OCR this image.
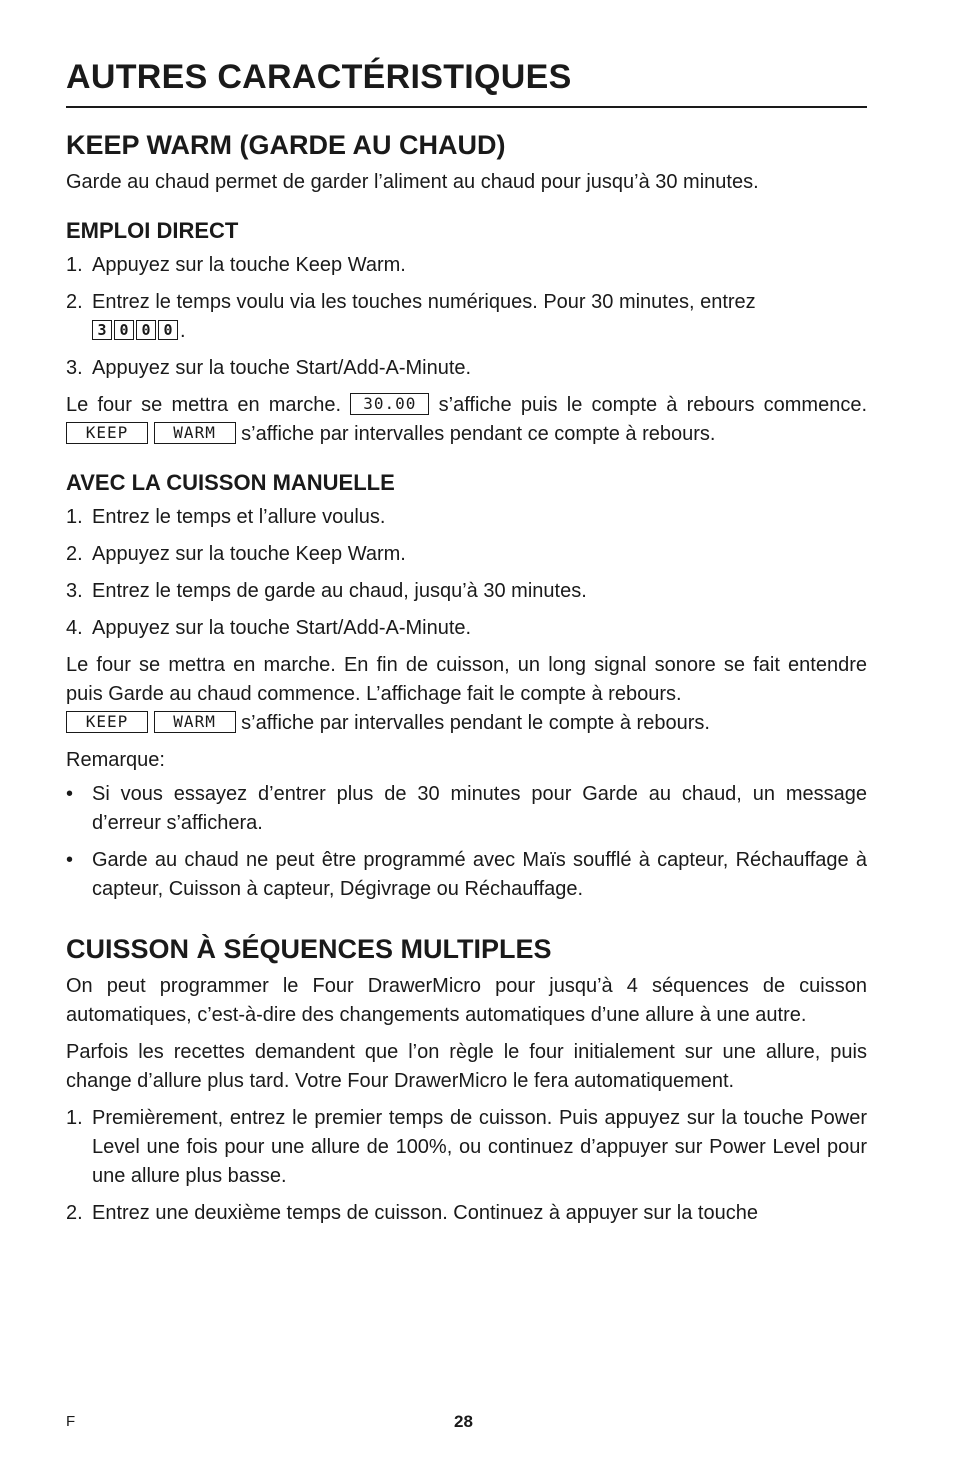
AUTRES CARACTÉRISTIQUES
KEEP WARM (GARDE AU CHAUD)

Garde au chaud permet de garder l’aliment au chaud pour jusqu’à 30 minutes.

EMPLOI DIRECT
1. Appuyez sur la touche Keep Warm.
2. Entrez le temps voulu via les touches numériques. Pour 30 minutes, entrez
3 0 0 0 .
3. Appuyez sur la touche Start/Add-A-Minute.

Le four se mettra en marche. 30.00 s’affiche puis le compte à rebours commence. KEEP	WARM s’affiche par intervalles pendant ce compte à rebours.

AVEC LA CUISSON MANUELLE
1. Entrez le temps et l’allure voulus.
2. Appuyez sur la touche Keep Warm.
3. Entrez le temps de garde au chaud, jusqu’à 30 minutes.
4. Appuyez sur la touche Start/Add-A-Minute.

Le four se mettra en marche. En fin de cuisson, un long signal sonore se fait entendre puis Garde au chaud commence. L’affichage fait le compte à rebours.
KEEP	WARM s’affiche par intervalles pendant le compte à rebours.

Remarque:
• Si vous essayez d’entrer plus de 30 minutes pour Garde au chaud, un message d’erreur s’affichera.
• Garde au chaud ne peut être programmé avec Maïs soufflé à capteur, Réchauffage à capteur, Cuisson à capteur, Dégivrage ou Réchauffage.
CUISSON À SÉQUENCES MULTIPLES

On peut programmer le Four DrawerMicro pour jusqu’à 4 séquences de cuisson automatiques, c’est-à-dire des changements automatiques d’une allure à une autre.

Parfois les recettes demandent que l’on règle le four initialement sur une allure, puis change d’allure plus tard. Votre Four DrawerMicro le fera automatiquement.

1. Premièrement, entrez le premier temps de cuisson. Puis appuyez sur la touche Power Level une fois pour une allure de 100%, ou continuez d’appuyer sur Power Level pour une allure plus basse.
2. Entrez une deuxième temps de cuisson. Continuez à appuyer sur la touche
F	28
